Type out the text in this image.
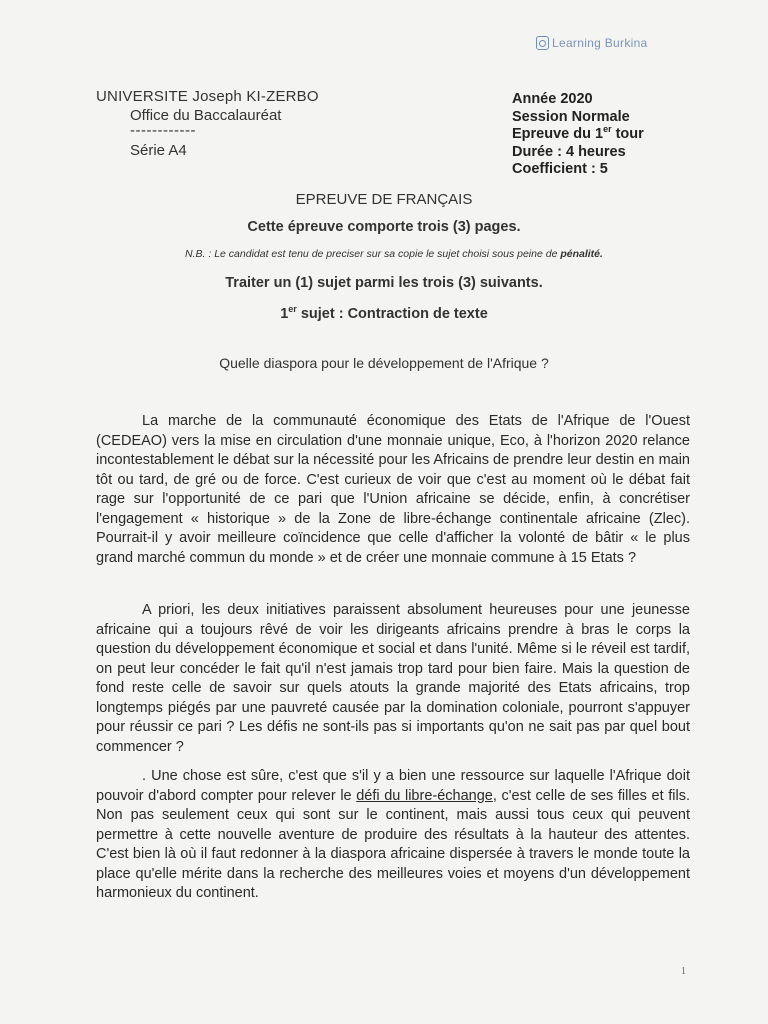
Learning Burkina
UNIVERSITE Joseph KI-ZERBO
Office du Baccalauréat
------------
Série A4
Année 2020
Session Normale
Epreuve du 1er tour
Durée : 4 heures
Coefficient : 5
EPREUVE DE FRANÇAIS
Cette épreuve comporte trois (3) pages.
N.B. : Le candidat est tenu de preciser sur sa copie le sujet choisi sous peine de pénalité.
Traiter un (1) sujet parmi les trois (3) suivants.
1er sujet : Contraction de texte
Quelle diaspora pour le développement de l'Afrique ?

La marche de la communauté économique des Etats de l'Afrique de l'Ouest (CEDEAO) vers la mise en circulation d'une monnaie unique, Eco, à l'horizon 2020 relance incontestablement le débat sur la nécessité pour les Africains de prendre leur destin en main tôt ou tard, de gré ou de force. C'est curieux de voir que c'est au moment où le débat fait rage sur l'opportunité de ce pari que l'Union africaine se décide, enfin, à concrétiser l'engagement « historique » de la Zone de libre-échange continentale africaine (Zlec). Pourrait-il y avoir meilleure coïncidence que celle d'afficher la volonté de bâtir « le plus grand marché commun du monde » et de créer une monnaie commune à 15 Etats ?

A priori, les deux initiatives paraissent absolument heureuses pour une jeunesse africaine qui a toujours rêvé de voir les dirigeants africains prendre à bras le corps la question du développement économique et social et dans l'unité. Même si le réveil est tardif, on peut leur concéder le fait qu'il n'est jamais trop tard pour bien faire. Mais la question de fond reste celle de savoir sur quels atouts la grande majorité des Etats africains, trop longtemps piégés par une pauvreté causée par la domination coloniale, pourront s'appuyer pour réussir ce pari ? Les défis ne sont-ils pas si importants qu'on ne sait pas par quel bout commencer ?

. Une chose est sûre, c'est que s'il y a bien une ressource sur laquelle l'Afrique doit pouvoir d'abord compter pour relever le défi du libre-échange, c'est celle de ses filles et fils. Non pas seulement ceux qui sont sur le continent, mais aussi tous ceux qui peuvent permettre à cette nouvelle aventure de produire des résultats à la hauteur des attentes. C'est bien là où il faut redonner à la diaspora africaine dispersée à travers le monde toute la place qu'elle mérite dans la recherche des meilleures voies et moyens d'un développement harmonieux du continent.

1
